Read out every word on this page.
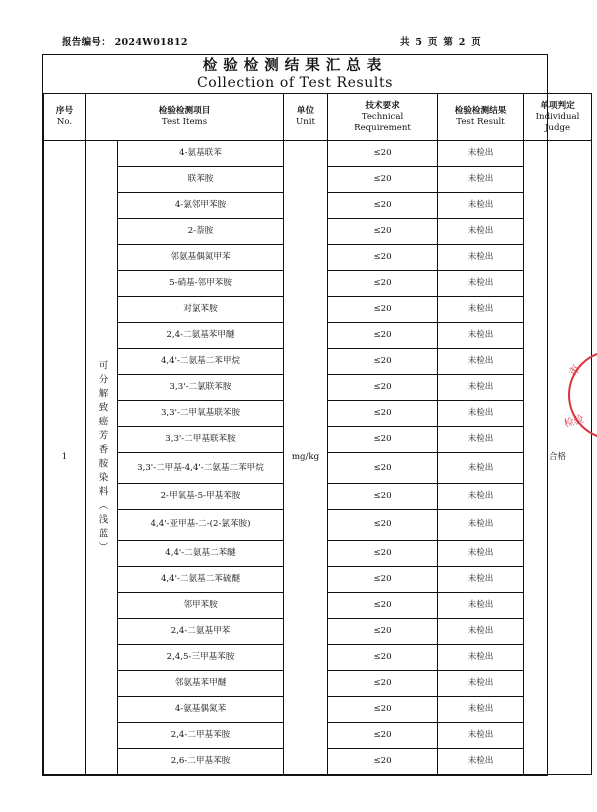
报告编号： 2024W01812	共 5 页 第 2 页
检验检测结果汇总表
Collection of Test Results
序号
No.	检验检测项目
Test Items		单位
Unit	技术要求
Technical
Requirement	检验检测结果
Test Result	单项判定
Individual
Judge

1	可分解致癌芳香胺染料（浅蓝）	4-氨基联苯	mg/kg	≤20	未检出	合格
		联苯胺		≤20	未检出	
		4-氯邻甲苯胺		≤20	未检出	
		2-萘胺		≤20	未检出	
		邻氨基偶氮甲苯		≤20	未检出	
		5-硝基-邻甲苯胺		≤20	未检出	
		对氯苯胺		≤20	未检出	
		2,4-二氨基苯甲醚		≤20	未检出	
		4,4'-二氨基二苯甲烷		≤20	未检出	
		3,3'-二氯联苯胺		≤20	未检出	
		3,3'-二甲氧基联苯胺		≤20	未检出	
		3,3'-二甲基联苯胺		≤20	未检出	
		3,3'-二甲基-4,4'-二氨基二苯甲烷		≤20	未检出	
		2-甲氧基-5-甲基苯胺		≤20	未检出	
		4,4'-亚甲基-二-(2-氯苯胺)		≤20	未检出	
		4,4'-二氨基二苯醚		≤20	未检出	
		4,4'-二氨基二苯硫醚		≤20	未检出	
		邻甲苯胺		≤20	未检出	
		2,4-二氨基甲苯		≤20	未检出	
		2,4,5-三甲基苯胺		≤20	未检出	
		邻氨基苯甲醚		≤20	未检出	
		4-氨基偶氮苯		≤20	未检出	
		2,4-二甲基苯胺		≤20	未检出	
		2,6-二甲基苯胺		≤20	未检出	
市
检验
